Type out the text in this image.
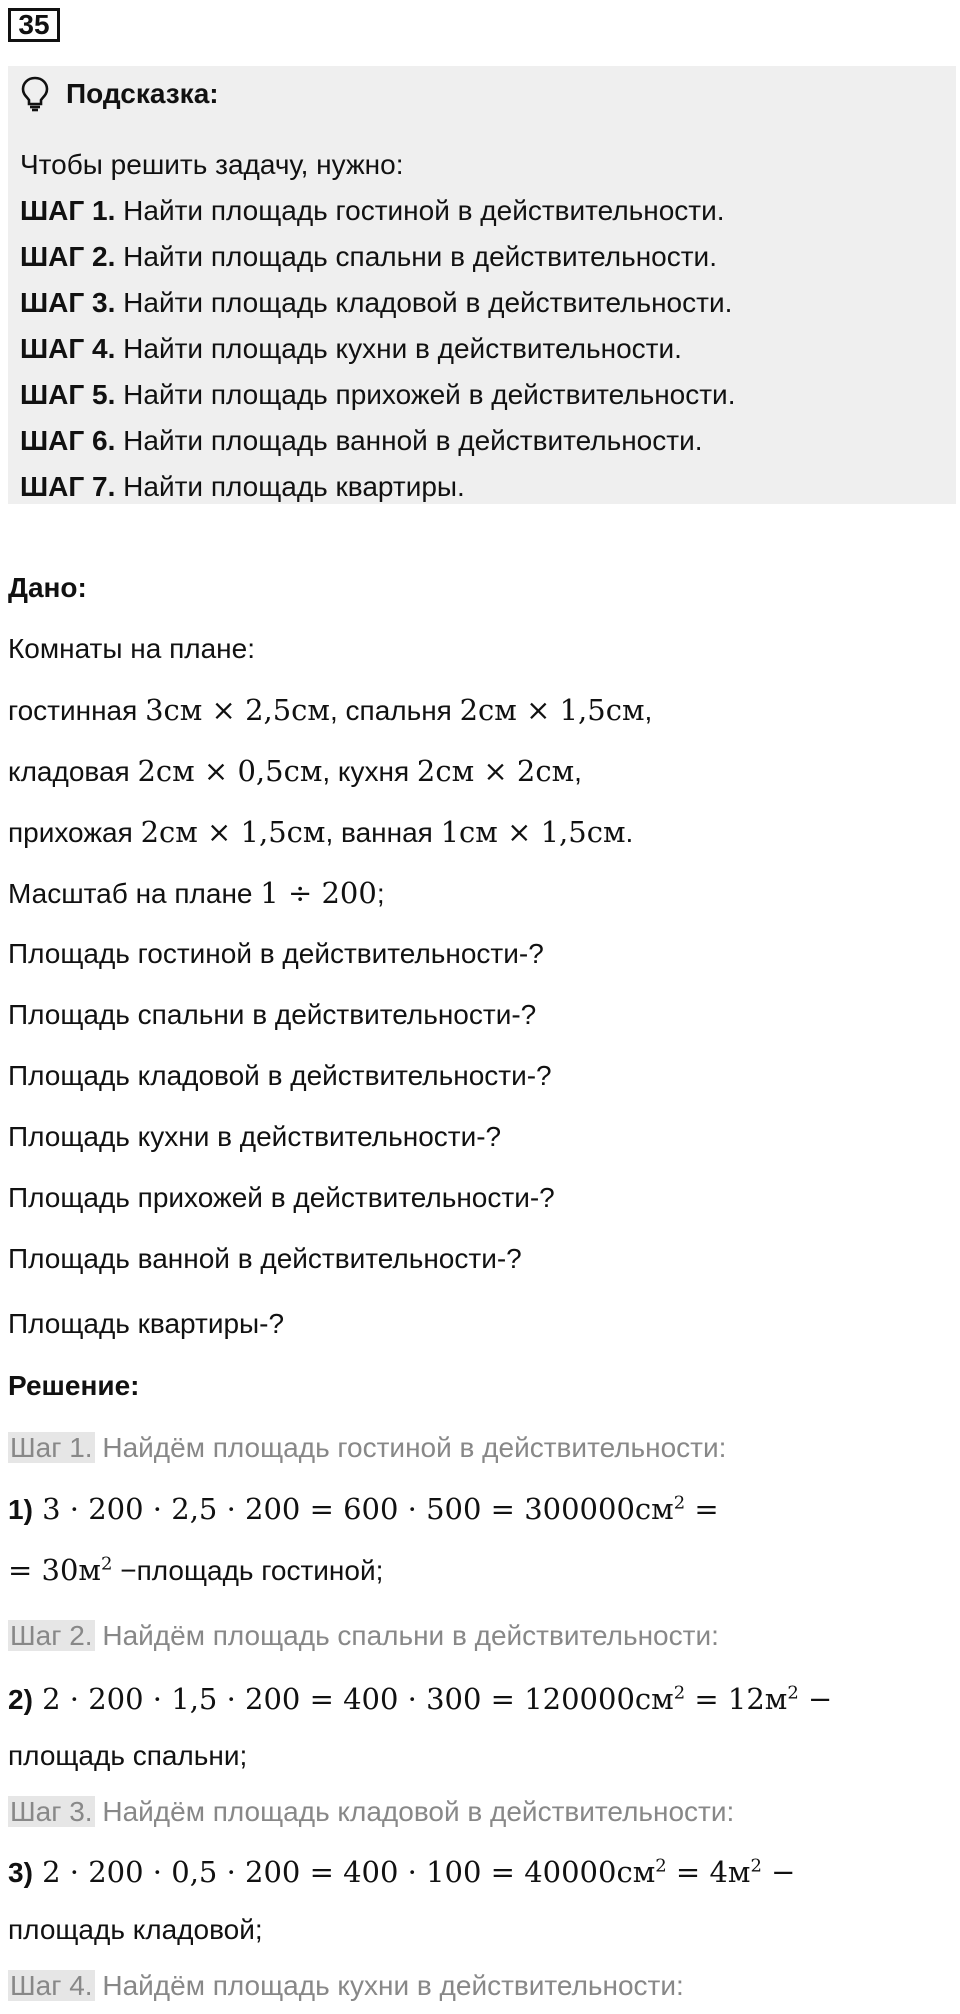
35
Подсказка:
Чтобы решить задачу, нужно:
ШАГ 1. Найти площадь гостиной в действительности.
ШАГ 2. Найти площадь спальни в действительности.
ШАГ 3. Найти площадь кладовой в действительности.
ШАГ 4. Найти площадь кухни в действительности.
ШАГ 5. Найти площадь прихожей в действительности.
ШАГ 6. Найти площадь ванной в действительности.
ШАГ 7. Найти площадь квартиры.
Дано:
Комнаты на плане:
гостинная 3см × 2,5см, спальня 2см × 1,5см,
кладовая 2см × 0,5см, кухня 2см × 2см,
прихожая 2см × 1,5см, ванная 1см × 1,5см.
Масштаб на плане 1 ÷ 200;
Площадь гостиной в действительности-?
Площадь спальни в действительности-?
Площадь кладовой в действительности-?
Площадь кухни в действительности-?
Площадь прихожей в действительности-?
Площадь ванной в действительности-?
Площадь квартиры-?
Решение:
Шаг 1. Найдём площадь гостиной в действительности:
1) $3 \cdot 200 \cdot 2,5 \cdot 200 = 600 \cdot 500 = 300000см^2$ =
= $30м^2$ −площадь гостиной;
Шаг 2. Найдём площадь спальни в действительности:
2) $2 \cdot 200 \cdot 1,5 \cdot 200 = 400 \cdot 300 = 120000см^2 = 12м^2$ −
площадь спальни;
Шаг 3. Найдём площадь кладовой в действительности:
3) $2 \cdot 200 \cdot 0,5 \cdot 200 = 400 \cdot 100 = 40000см^2 = 4м^2$ −
площадь кладовой;
Шаг 4. Найдём площадь кухни в действительности:
